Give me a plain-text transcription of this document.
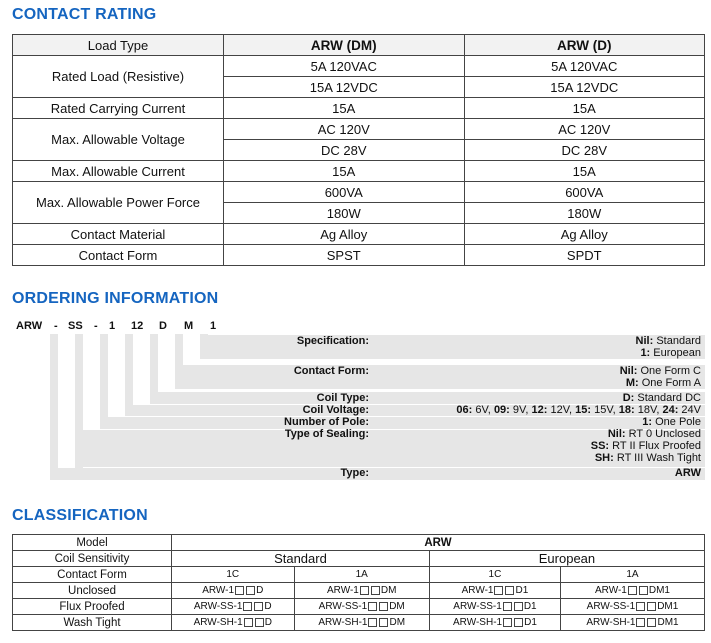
CONTACT RATING
Load Type	ARW (DM)	ARW (D)
Rated Load (Resistive)	5A 120VAC	5A 120VAC
	15A 12VDC	15A 12VDC
Rated Carrying Current	15A	15A
Max. Allowable Voltage	AC 120V	AC 120V
	DC 28V	DC 28V
Max. Allowable Current	15A	15A
Max. Allowable Power Force	600VA	600VA
	180W	180W
Contact Material	Ag Alloy	Ag Alloy
Contact Form	SPST	SPDT
ORDERING INFORMATION
ARW - SS - 1 12 D M 1
Specification:	Nil: Standard
1: European
Contact Form:	Nil: One Form C
M: One Form A
Coil Type:	D: Standard DC
Coil Voltage:	06: 6V, 09: 9V, 12: 12V, 15: 15V, 18: 18V, 24: 24V
Number of Pole:	1: One Pole
Type of Sealing:	Nil: RT 0 Unclosed
SS: RT II Flux Proofed
SH: RT III Wash Tight
Type:	ARW
CLASSIFICATION
Model	ARW			
Coil Sensitivity	Standard		European	
Contact Form	1C	1A	1C	1A
Unclosed	ARW-1 D	ARW-1 DM	ARW-1 D1	ARW-1 DM1
Flux Proofed	ARW-SS-1 D	ARW-SS-1 DM	ARW-SS-1 D1	ARW-SS-1 DM1
Wash Tight	ARW-SH-1 D	ARW-SH-1 DM	ARW-SH-1 D1	ARW-SH-1 DM1
